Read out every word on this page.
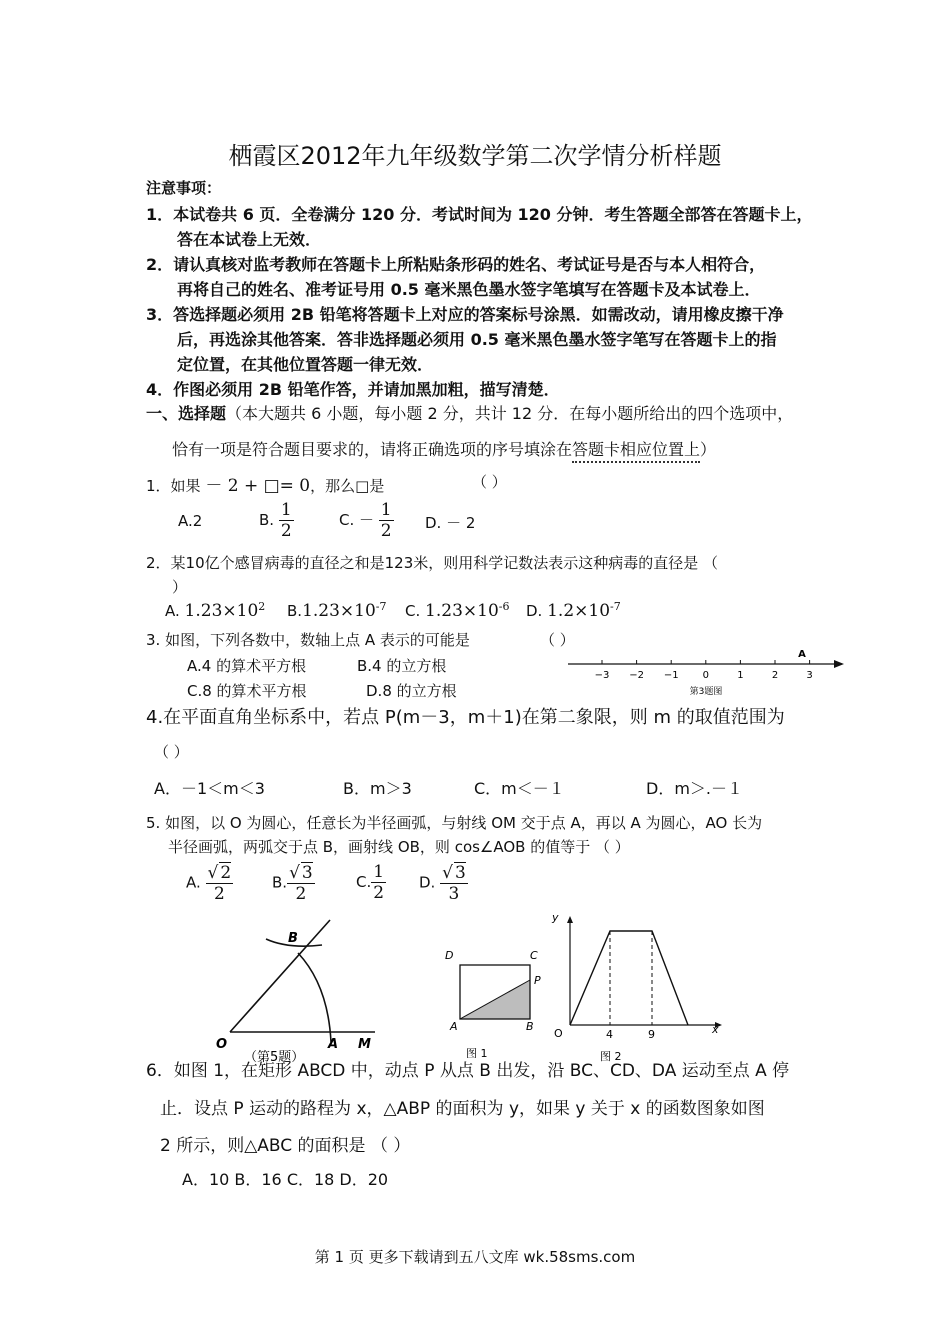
栖霞区2012年九年级数学第二次学情分析样题
注意事项：
1．本试卷共 6 页．全卷满分 120 分．考试时间为 120 分钟．考生答题全部答在答题卡上，
答在本试卷上无效．
2．请认真核对监考教师在答题卡上所粘贴条形码的姓名、考试证号是否与本人相符合，
再将自己的姓名、准考证号用 0.5 毫米黑色墨水签字笔填写在答题卡及本试卷上．
3．答选择题必须用 2B 铅笔将答题卡上对应的答案标号涂黑．如需改动，请用橡皮擦干净
后，再选涂其他答案．答非选择题必须用 0.5 毫米黑色墨水签字笔写在答题卡上的指
定位置，在其他位置答题一律无效．
4．作图必须用 2B 铅笔作答，并请加黑加粗，描写清楚．
一、选择题（本大题共 6 小题，每小题 2 分，共计 12 分．在每小题所给出的四个选项中，
恰有一项是符合题目要求的，请将正确选项的序号填涂在答题卡相应位置上）
1．如果 － 2 + □= 0，那么□是	（ ）
A.2	B. $\frac{1}{2}$	C. － $\frac{1}{2} D$. － 2
2．某10亿个感冒病毒的直径之和是123米，则用科学记数法表示这种病毒的直径是 （
）
A. $1.23\times 10^2$ $B.1.23\times 10^{-7}$ C. $1.23\times 10^{-6}$ D. $1.2\times 10^{-7}$
3. 如图，下列各数中，数轴上点 A 表示的可能是	（ ）
A.4 的算术平方根	B.4 的立方根
C.8 的算术平方根	D.8 的立方根
−3 −2 −1 0	1	2	3
A
第3题图
4.在平面直角坐标系中，若点 P(m－3，m＋1)在第二象限，则 m 的取值范围为
（ ）
A．－1＜m＜3	B．m＞3	C．m＜－１	D．m＞.－１
5. 如图，以 O 为圆心，任意长为半径画弧，与射线 OM 交于点 A，再以 A 为圆心，AO 长为
半径画弧，两弧交于点 B，画射线 OB，则 cos∠AOB 的值等于 （ ）
A. $\frac{√ 2}{2}$	B. $\frac{√ 3}{2}$	C. $\frac{1}{2} D$. $\frac{√ 3}{3}$
B
O	A M
（第5题）
D	C
P
A	B
图 1
y
x
O	4	9
图 2
6．如图 1，在矩形 ABCD 中，动点 P 从点 B 出发，沿 BC、CD、DA 运动至点 A 停
止．设点 P 运动的路程为 x，△ABP 的面积为 y，如果 y 关于 x 的函数图象如图
2 所示，则△ABC 的面积是 （ ）
A．10 B．16 C．18 D．20
第 1 页 更多下载请到五八文库 wk.58sms.com
